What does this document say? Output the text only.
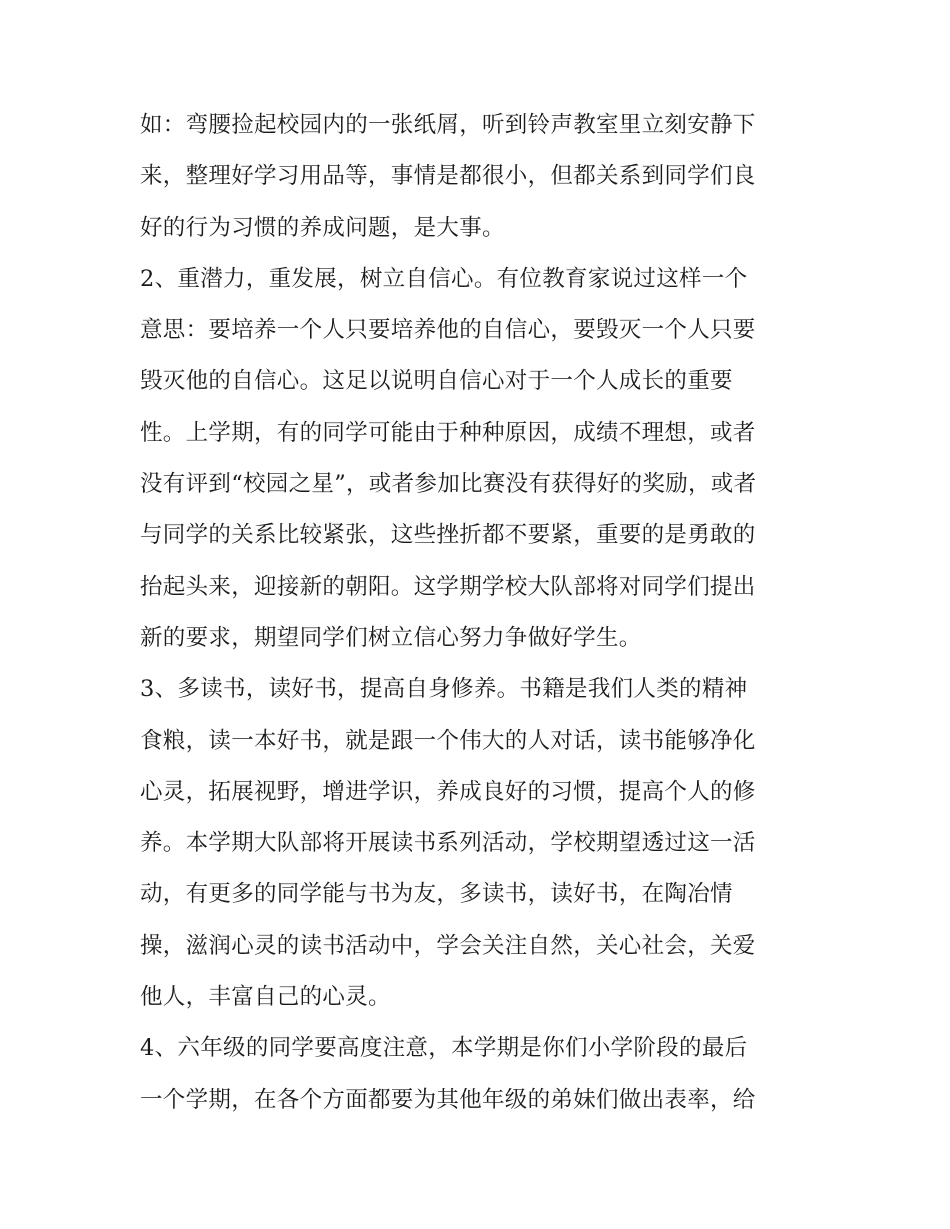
如：弯腰捡起校园内的一张纸屑，听到铃声教室里立刻安静下
来，整理好学习用品等，事情是都很小，但都关系到同学们良
好的行为习惯的养成问题，是大事。
2、重潜力，重发展，树立自信心。有位教育家说过这样一个
意思：要培养一个人只要培养他的自信心，要毁灭一个人只要
毁灭他的自信心。这足以说明自信心对于一个人成长的重要
性。上学期，有的同学可能由于种种原因，成绩不理想，或者
没有评到“校园之星”，或者参加比赛没有获得好的奖励，或者
与同学的关系比较紧张，这些挫折都不要紧，重要的是勇敢的
抬起头来，迎接新的朝阳。这学期学校大队部将对同学们提出
新的要求，期望同学们树立信心努力争做好学生。
3、多读书，读好书，提高自身修养。书籍是我们人类的精神
食粮，读一本好书，就是跟一个伟大的人对话，读书能够净化
心灵，拓展视野，增进学识，养成良好的习惯，提高个人的修
养。本学期大队部将开展读书系列活动，学校期望透过这一活
动，有更多的同学能与书为友，多读书，读好书，在陶冶情
操，滋润心灵的读书活动中，学会关注自然，关心社会，关爱
他人，丰富自己的心灵。
4、六年级的同学要高度注意，本学期是你们小学阶段的最后
一个学期，在各个方面都要为其他年级的弟妹们做出表率，给
